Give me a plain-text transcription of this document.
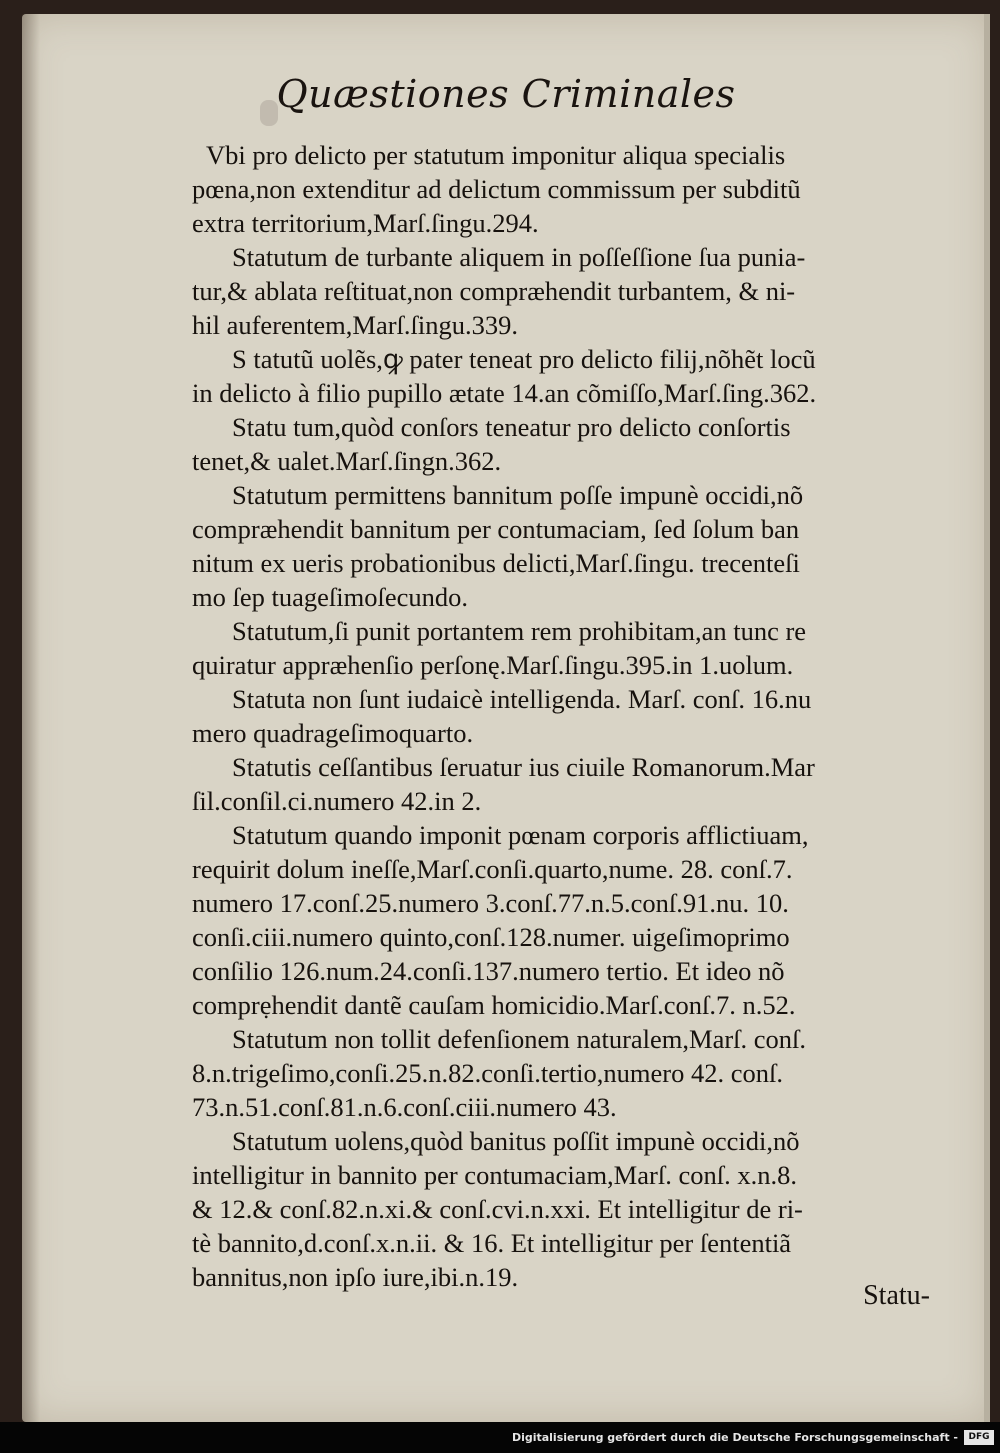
Quæstiones Criminales
Vbi pro delicto per statutum imponitur aliqua specialis
pœna,non extenditur ad delictum commissum per subditũ
extra territorium,Marſ.ſingu.294.
Statutum de turbante aliquem in poſſeſſione ſua punia-
tur,& ablata reſtituat,non compræhendit turbantem, & ni-
hil auferentem,Marſ.ſingu.339.
S tatutũ uolẽs,ꝙ pater teneat pro delicto filij,nõhẽt locũ
in delicto à filio pupillo ætate 14.an cõmiſſo,Marſ.ſing.362.
Statu tum,quòd conſors teneatur pro delicto conſortis
tenet,& ualet.Marſ.ſingn.362.
Statutum permittens bannitum poſſe impunè occidi,nõ
compræhendit bannitum per contumaciam, ſed ſolum ban
nitum ex ueris probationibus delicti,Marſ.ſingu. trecenteſi
mo ſep tuageſimoſecundo.
Statutum,ſi punit portantem rem prohibitam,an tunc re
quiratur appræhenſio perſonę.Marſ.ſingu.395.in 1.uolum.
Statuta non ſunt iudaicè intelligenda. Marſ. conſ. 16.nu
mero quadrageſimoquarto.
Statutis ceſſantibus ſeruatur ius ciuile Romanorum.Mar
ſil.conſil.ci.numero 42.in 2.
Statutum quando imponit pœnam corporis afflictiuam,
requirit dolum ineſſe,Marſ.conſi.quarto,nume. 28. conſ.7.
numero 17.conſ.25.numero 3.conſ.77.n.5.conſ.91.nu. 10.
conſi.ciii.numero quinto,conſ.128.numer. uigeſimoprimo
conſilio 126.num.24.conſi.137.numero tertio. Et ideo nõ
comprẹhendit dantẽ cauſam homicidio.Marſ.conſ.7. n.52.
Statutum non tollit defenſionem naturalem,Marſ. conſ.
8.n.trigeſimo,conſi.25.n.82.conſi.tertio,numero 42. conſ.
73.n.51.conſ.81.n.6.conſ.ciii.numero 43.
Statutum uolens,quòd banitus poſſit impunè occidi,nõ
intelligitur in bannito per contumaciam,Marſ. conſ. x.n.8.
& 12.& conſ.82.n.xi.& conſ.cvi.n.xxi. Et intelligitur de ri-
tè bannito,d.conſ.x.n.ii. & 16. Et intelligitur per ſententiã
bannitus,non ipſo iure,ibi.n.19.
Statu-
Digitalisierung gefördert durch die Deutsche Forschungsgemeinschaft -	DFG
